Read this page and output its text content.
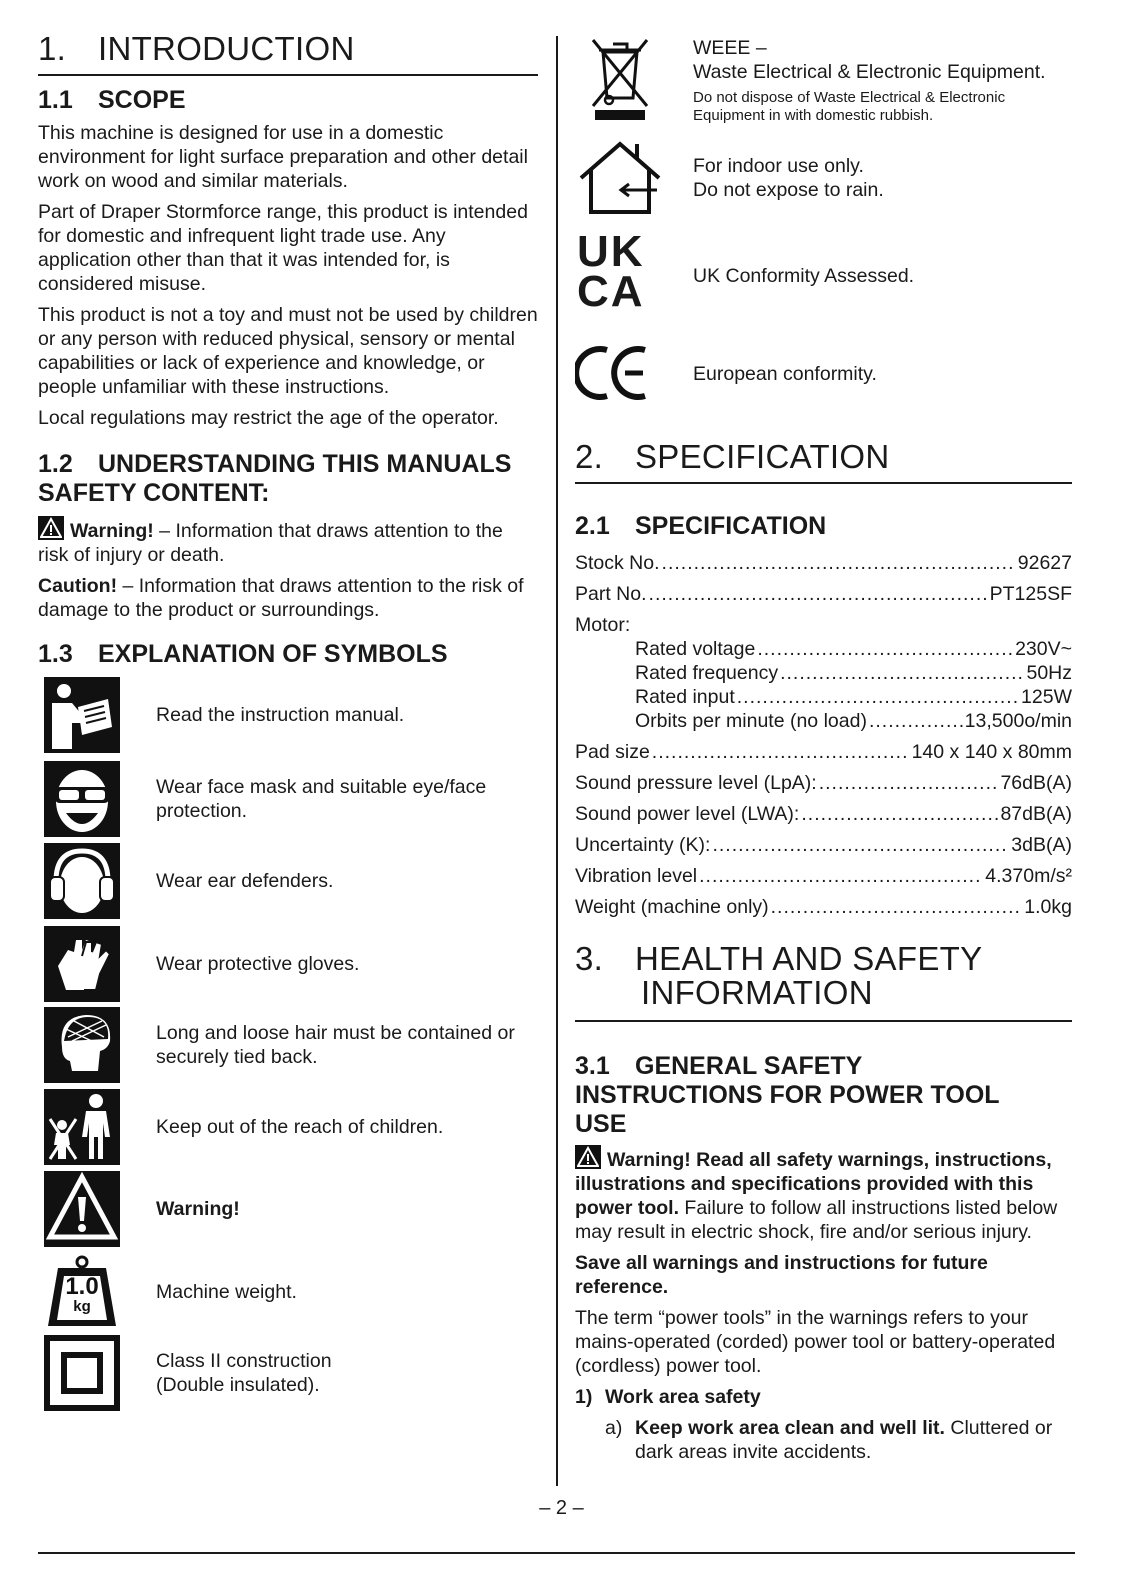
1. INTRODUCTION
1.1 SCOPE

This machine is designed for use in a domestic environment for light surface preparation and other detail work on wood and similar materials.

Part of Draper Stormforce range, this product is intended for domestic and infrequent light trade use. Any application other than that it was intended for, is considered misuse.

This product is not a toy and must not be used by children or any person with reduced physical, sensory or mental capabilities or lack of experience and knowledge, or people unfamiliar with these instructions.

Local regulations may restrict the age of the operator.

1.2 UNDERSTANDING THIS MANUALS SAFETY CONTENT:

Warning! – Information that draws attention to the risk of injury or death.

Caution! – Information that draws attention to the risk of damage to the product or surroundings.

1.3 EXPLANATION OF SYMBOLS
Read the instruction manual.
Wear face mask and suitable eye/face protection.
Wear ear defenders.
Wear protective gloves.
Long and loose hair must be contained or securely tied back.
Keep out of the reach of children.
Warning!
1.0
kg
Machine weight.
Class II construction (Double insulated).
WEEE –
Waste Electrical & Electronic Equipment.
Do not dispose of Waste Electrical & Electronic Equipment in with domestic rubbish.
For indoor use only.
Do not expose to rain.
UK
CA	UK Conformity Assessed.
European conformity.
2. SPECIFICATION
2.1 SPECIFICATION
Stock No. .....	92627
Part No. .....	PT125SF
Motor:
Rated voltage .....	230V~
Rated frequency .....	50Hz
Rated input .....	125W
Orbits per minute (no load) .....	13,500o/min
Pad size .....	140 x 140 x 80mm
Sound pressure level (LpA): .....	76dB(A)
Sound power level (LWA): .....	87dB(A)
Uncertainty (K): .....	3dB(A)
Vibration level .....	4.370m/s²
Weight (machine only) .....	1.0kg
3. HEALTH AND SAFETY
INFORMATION
3.1 GENERAL SAFETY INSTRUCTIONS FOR POWER TOOL USE

Warning! Read all safety warnings, instructions, illustrations and specifications provided with this power tool. Failure to follow all instructions listed below may result in electric shock, fire and/or serious injury.

Save all warnings and instructions for future reference.

The term “power tools” in the warnings refers to your mains-operated (corded) power tool or battery-operated (cordless) power tool.

1) Work area safety

a) Keep work area clean and well lit. Cluttered or dark areas invite accidents.
– 2 –
